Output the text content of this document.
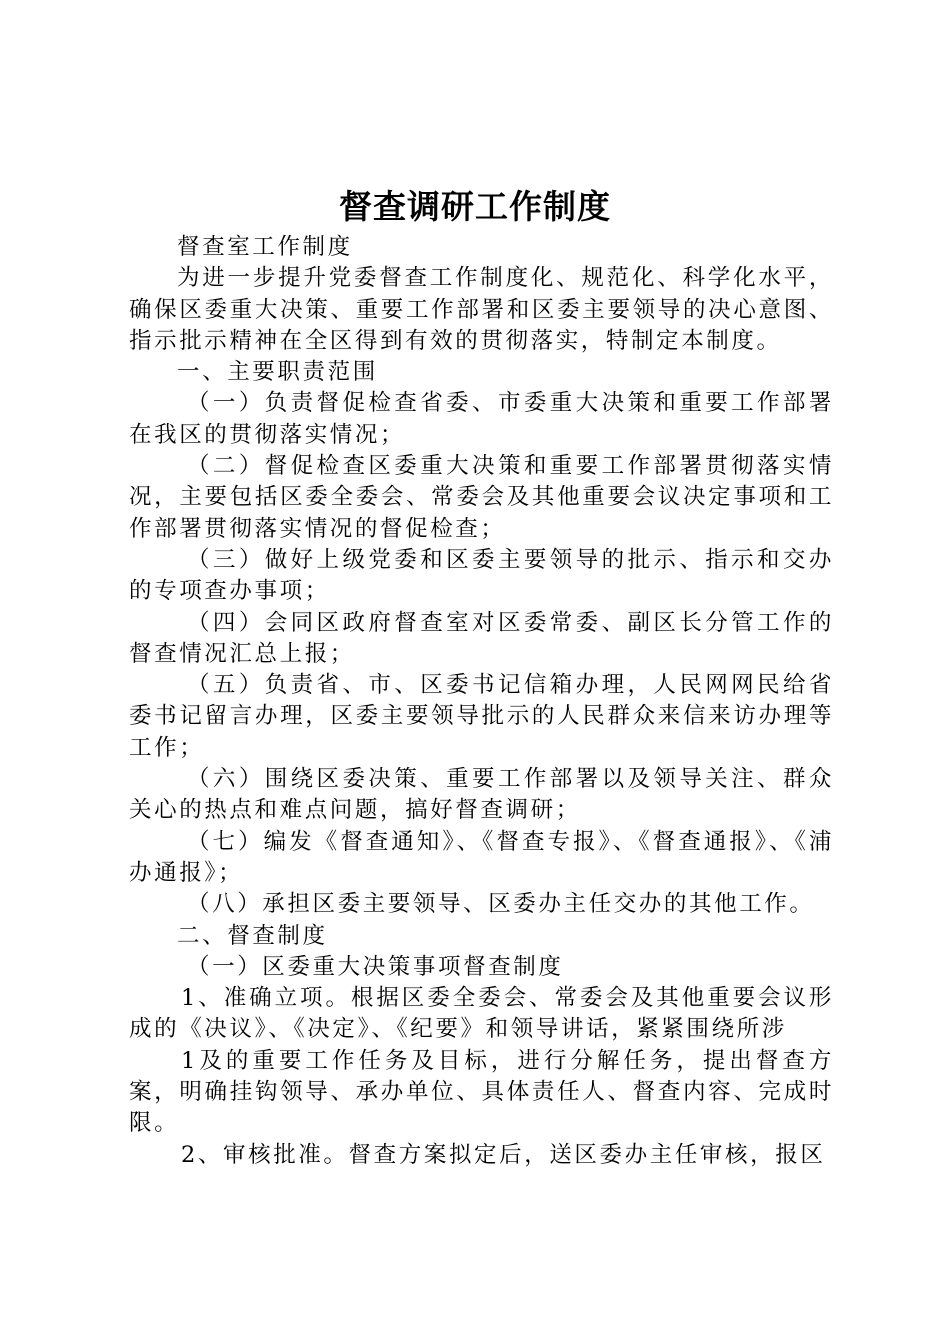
督查调研工作制度

督查室工作制度

为进一步提升党委督查工作制度化、规范化、科学化水平，确保区委重大决策、重要工作部署和区委主要领导的决心意图、指示批示精神在全区得到有效的贯彻落实，特制定本制度。

一、主要职责范围

（一）负责督促检查省委、市委重大决策和重要工作部署在我区的贯彻落实情况；

（二）督促检查区委重大决策和重要工作部署贯彻落实情况，主要包括区委全委会、常委会及其他重要会议决定事项和工作部署贯彻落实情况的督促检查；

（三）做好上级党委和区委主要领导的批示、指示和交办的专项查办事项；

（四）会同区政府督查室对区委常委、副区长分管工作的督查情况汇总上报；

（五）负责省、市、区委书记信箱办理，人民网网民给省委书记留言办理，区委主要领导批示的人民群众来信来访办理等工作；

（六）围绕区委决策、重要工作部署以及领导关注、群众关心的热点和难点问题，搞好督查调研；

（七）编发《督查通知》、《督查专报》、《督查通报》、《浦办通报》；

（八）承担区委主要领导、区委办主任交办的其他工作。

二、督查制度

（一）区委重大决策事项督查制度

1、准确立项。根据区委全委会、常委会及其他重要会议形成的《决议》、《决定》、《纪要》和领导讲话，紧紧围绕所涉

1及的重要工作任务及目标，进行分解任务，提出督查方案，明确挂钩领导、承办单位、具体责任人、督查内容、完成时限。

2、审核批准。督查方案拟定后，送区委办主任审核，报区
